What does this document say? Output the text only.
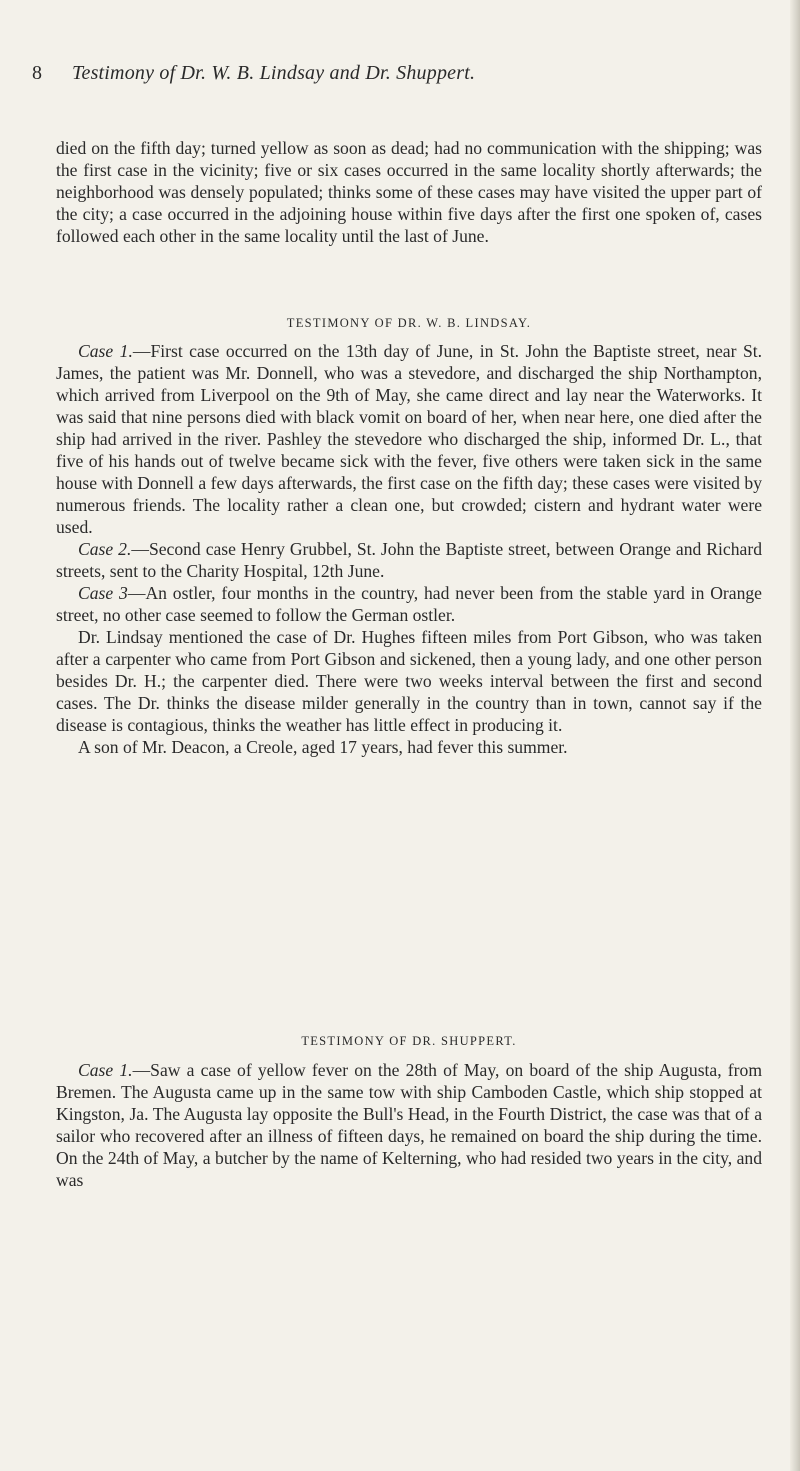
8 Testimony of Dr. W. B. Lindsay and Dr. Shuppert.

died on the fifth day; turned yellow as soon as dead; had no communication with the shipping; was the first case in the vicinity; five or six cases occurred in the same locality shortly afterwards; the neighborhood was densely populated; thinks some of these cases may have visited the upper part of the city; a case occurred in the adjoining house within five days after the first one spoken of, cases followed each other in the same locality until the last of June.

TESTIMONY OF DR. W. B. LINDSAY.

Case 1.—First case occurred on the 13th day of June, in St. John the Baptiste street, near St. James, the patient was Mr. Donnell, who was a stevedore, and discharged the ship Northampton, which arrived from Liverpool on the 9th of May, she came direct and lay near the Waterworks. It was said that nine persons died with black vomit on board of her, when near here, one died after the ship had arrived in the river. Pashley the stevedore who discharged the ship, informed Dr. L., that five of his hands out of twelve became sick with the fever, five others were taken sick in the same house with Donnell a few days afterwards, the first case on the fifth day; these cases were visited by numerous friends. The locality rather a clean one, but crowded; cistern and hydrant water were used.

Case 2.—Second case Henry Grubbel, St. John the Baptiste street, between Orange and Richard streets, sent to the Charity Hospital, 12th June.

Case 3—An ostler, four months in the country, had never been from the stable yard in Orange street, no other case seemed to follow the German ostler.

Dr. Lindsay mentioned the case of Dr. Hughes fifteen miles from Port Gibson, who was taken after a carpenter who came from Port Gibson and sickened, then a young lady, and one other person besides Dr. H.; the carpenter died. There were two weeks interval between the first and second cases. The Dr. thinks the disease milder generally in the country than in town, cannot say if the disease is contagious, thinks the weather has little effect in producing it.

A son of Mr. Deacon, a Creole, aged 17 years, had fever this summer.

TESTIMONY OF DR. SHUPPERT.

Case 1.—Saw a case of yellow fever on the 28th of May, on board of the ship Augusta, from Bremen. The Augusta came up in the same tow with ship Camboden Castle, which ship stopped at Kingston, Ja. The Augusta lay opposite the Bull's Head, in the Fourth District, the case was that of a sailor who recovered after an illness of fifteen days, he remained on board the ship during the time. On the 24th of May, a butcher by the name of Kelterning, who had resided two years in the city, and was
